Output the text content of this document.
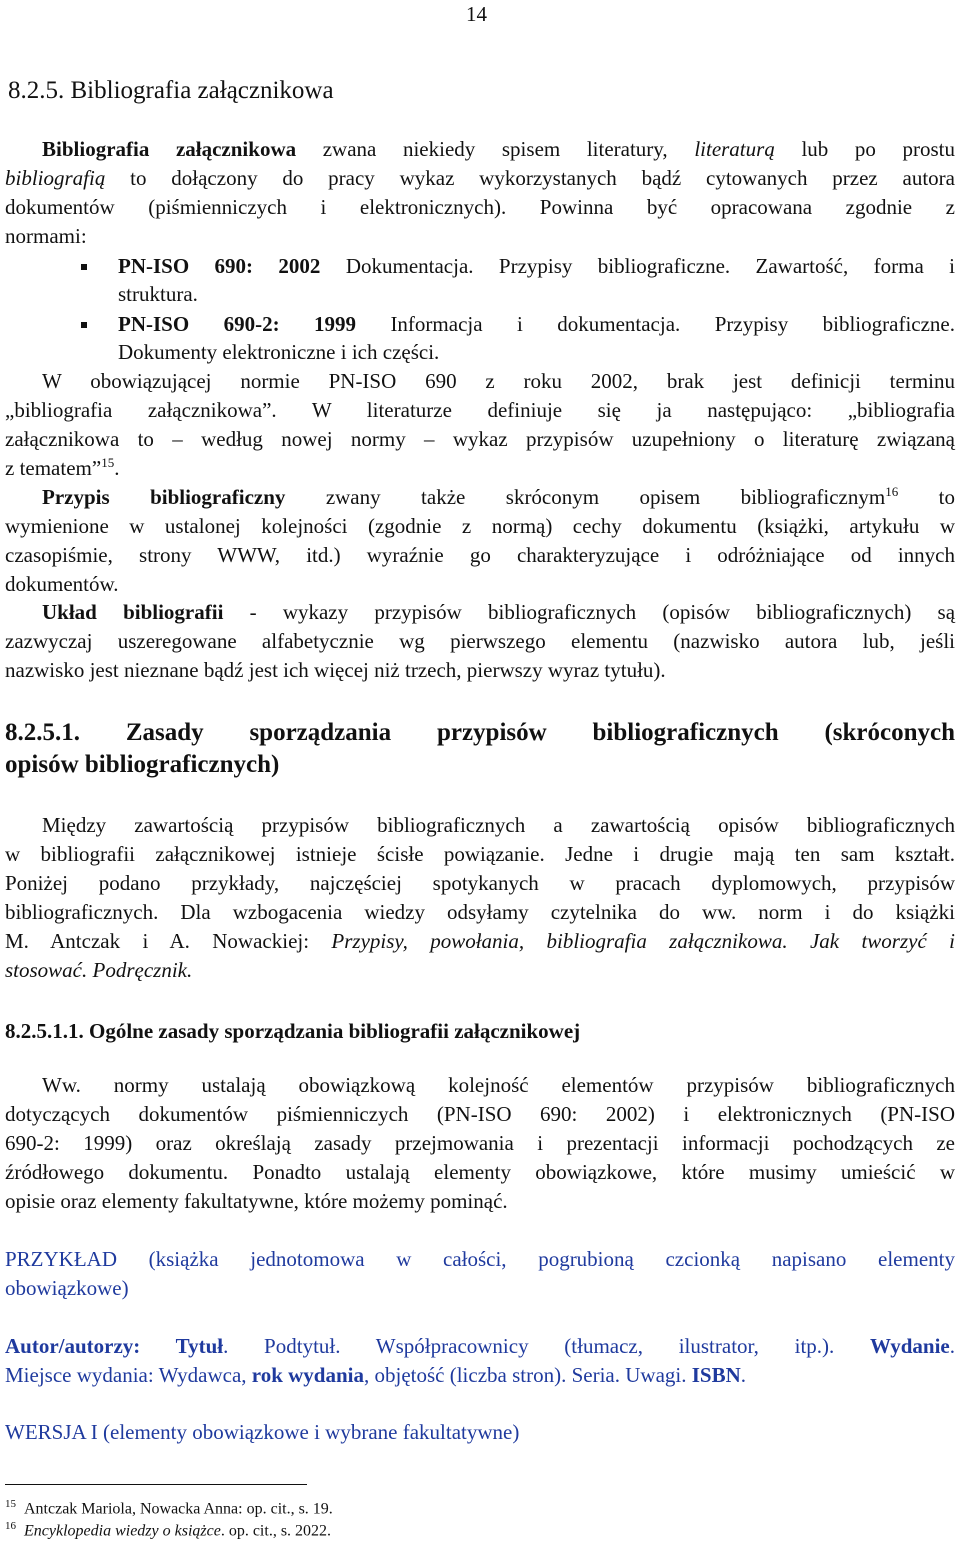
14
8.2.5. Bibliografia załącznikowa
Bibliografia załącznikowa zwana niekiedy spisem literatury, literaturą lub po prostu
bibliografią to dołączony do pracy wykaz wykorzystanych bądź cytowanych przez autora
dokumentów (piśmienniczych i elektronicznych). Powinna być opracowana zgodnie z
normami:
PN-ISO 690: 2002 Dokumentacja. Przypisy bibliograficzne. Zawartość, forma i
struktura.
PN-ISO 690-2: 1999 Informacja i dokumentacja. Przypisy bibliograficzne.
Dokumenty elektroniczne i ich części.
W obowiązującej normie PN-ISO 690 z roku 2002, brak jest definicji terminu
„bibliografia załącznikowa”. W literaturze definiuje się ja następująco: „bibliografia
załącznikowa to – według nowej normy – wykaz przypisów uzupełniony o literaturę związaną
z tematem”$^{15}$.
Przypis bibliograficzny zwany także skróconym opisem bibliograficznym$^{16}$ to
wymienione w ustalonej kolejności (zgodnie z normą) cechy dokumentu (książki, artykułu w
czasopiśmie, strony WWW, itd.) wyraźnie go charakteryzujące i odróżniające od innych
dokumentów.
Układ bibliografii - wykazy przypisów bibliograficznych (opisów bibliograficznych) są
zazwyczaj uszeregowane alfabetycznie wg pierwszego elementu (nazwisko autora lub, jeśli
nazwisko jest nieznane bądź jest ich więcej niż trzech, pierwszy wyraz tytułu).
8.2.5.1. Zasady sporządzania przypisów bibliograficznych (skróconych
opisów bibliograficznych)
Między zawartością przypisów bibliograficznych a zawartością opisów bibliograficznych
w bibliografii załącznikowej istnieje ścisłe powiązanie. Jedne i drugie mają ten sam kształt.
Poniżej podano przykłady, najczęściej spotykanych w pracach dyplomowych, przypisów
bibliograficznych. Dla wzbogacenia wiedzy odsyłamy czytelnika do ww. norm i do książki
M. Antczak i A. Nowackiej: Przypisy, powołania, bibliografia załącznikowa. Jak tworzyć i
stosować. Podręcznik.
8.2.5.1.1. Ogólne zasady sporządzania bibliografii załącznikowej
Ww. normy ustalają obowiązkową kolejność elementów przypisów bibliograficznych
dotyczących dokumentów piśmienniczych (PN-ISO 690: 2002) i elektronicznych (PN-ISO
690-2: 1999) oraz określają zasady przejmowania i prezentacji informacji pochodzących ze
źródłowego dokumentu. Ponadto ustalają elementy obowiązkowe, które musimy umieścić w
opisie oraz elementy fakultatywne, które możemy pominąć.
PRZYKŁAD (książka jednotomowa w całości, pogrubioną czcionką napisano elementy
obowiązkowe)
Autor/autorzy: Tytuł. Podtytuł. Współpracownicy (tłumacz, ilustrator, itp.). Wydanie.
Miejsce wydania: Wydawca, rok wydania, objętość (liczba stron). Seria. Uwagi. ISBN.
WERSJA I (elementy obowiązkowe i wybrane fakultatywne)
$^{15}$ Antczak Mariola, Nowacka Anna: op. cit., s. 19.
$^{16}$ Encyklopedia wiedzy o książce. op. cit., s. 2022.
